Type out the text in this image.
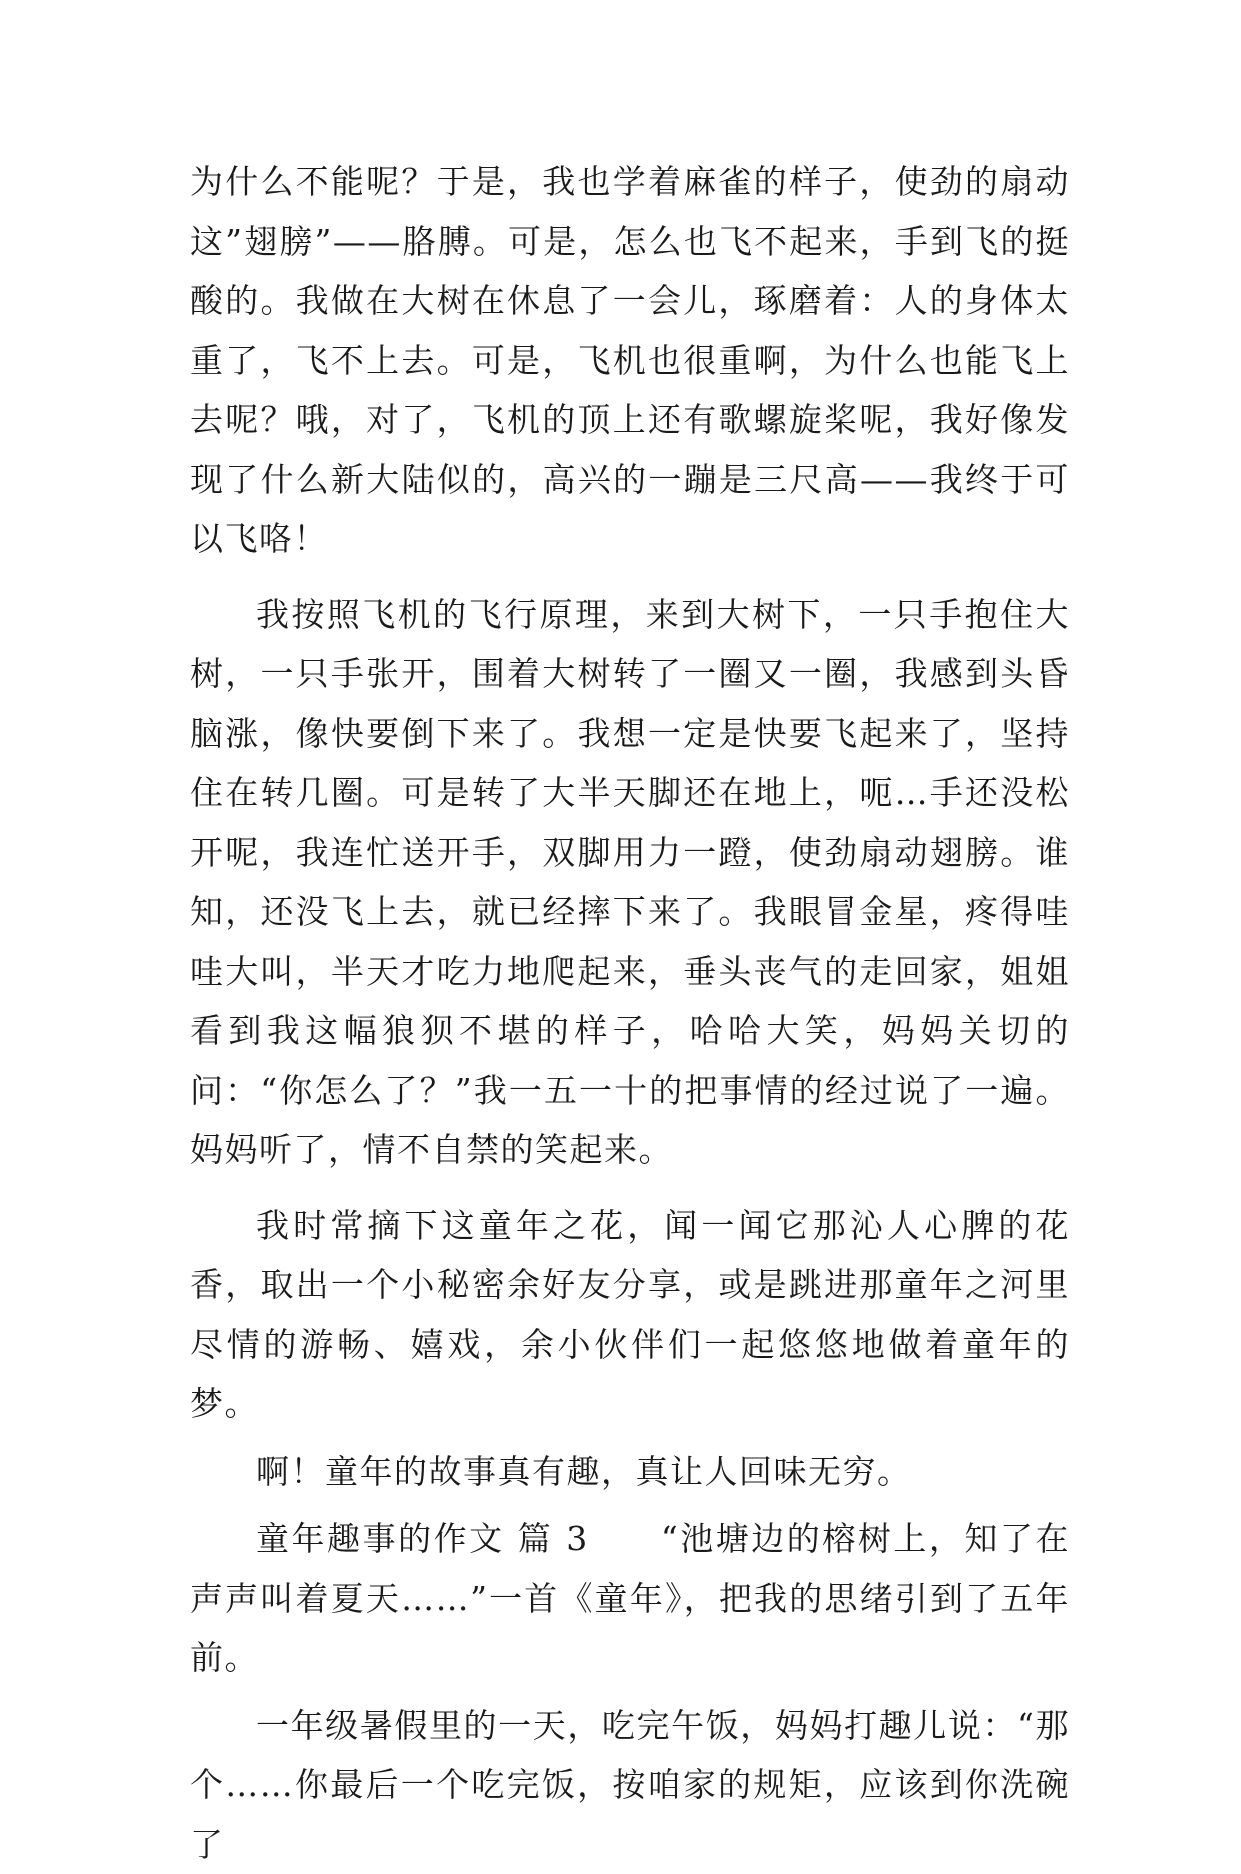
为什么不能呢？于是，我也学着麻雀的样子，使劲的扇动这”翅膀”——胳膊。可是，怎么也飞不起来，手到飞的挺酸的。我做在大树在休息了一会儿，琢磨着：人的身体太重了，飞不上去。可是，飞机也很重啊，为什么也能飞上去呢？哦，对了，飞机的顶上还有歌螺旋桨呢，我好像发现了什么新大陆似的，高兴的一蹦是三尺高——我终于可以飞咯！

我按照飞机的飞行原理，来到大树下，一只手抱住大树，一只手张开，围着大树转了一圈又一圈，我感到头昏脑涨，像快要倒下来了。我想一定是快要飞起来了，坚持住在转几圈。可是转了大半天脚还在地上，呃…手还没松开呢，我连忙送开手，双脚用力一蹬，使劲扇动翅膀。谁知，还没飞上去，就已经摔下来了。我眼冒金星，疼得哇哇大叫，半天才吃力地爬起来，垂头丧气的走回家，姐姐看到我这幅狼狈不堪的样子，哈哈大笑，妈妈关切的问：“你怎么了？”我一五一十的把事情的经过说了一遍。妈妈听了，情不自禁的笑起来。

我时常摘下这童年之花，闻一闻它那沁人心脾的花香，取出一个小秘密余好友分享，或是跳进那童年之河里尽情的游畅、嬉戏，余小伙伴们一起悠悠地做着童年的梦。

啊！童年的故事真有趣，真让人回味无穷。

童年趣事的作文 篇 3　　“池塘边的榕树上，知了在声声叫着夏天……”一首《童年》，把我的思绪引到了五年前。

一年级暑假里的一天，吃完午饭，妈妈打趣儿说：“那个……你最后一个吃完饭，按咱家的规矩，应该到你洗碗了
